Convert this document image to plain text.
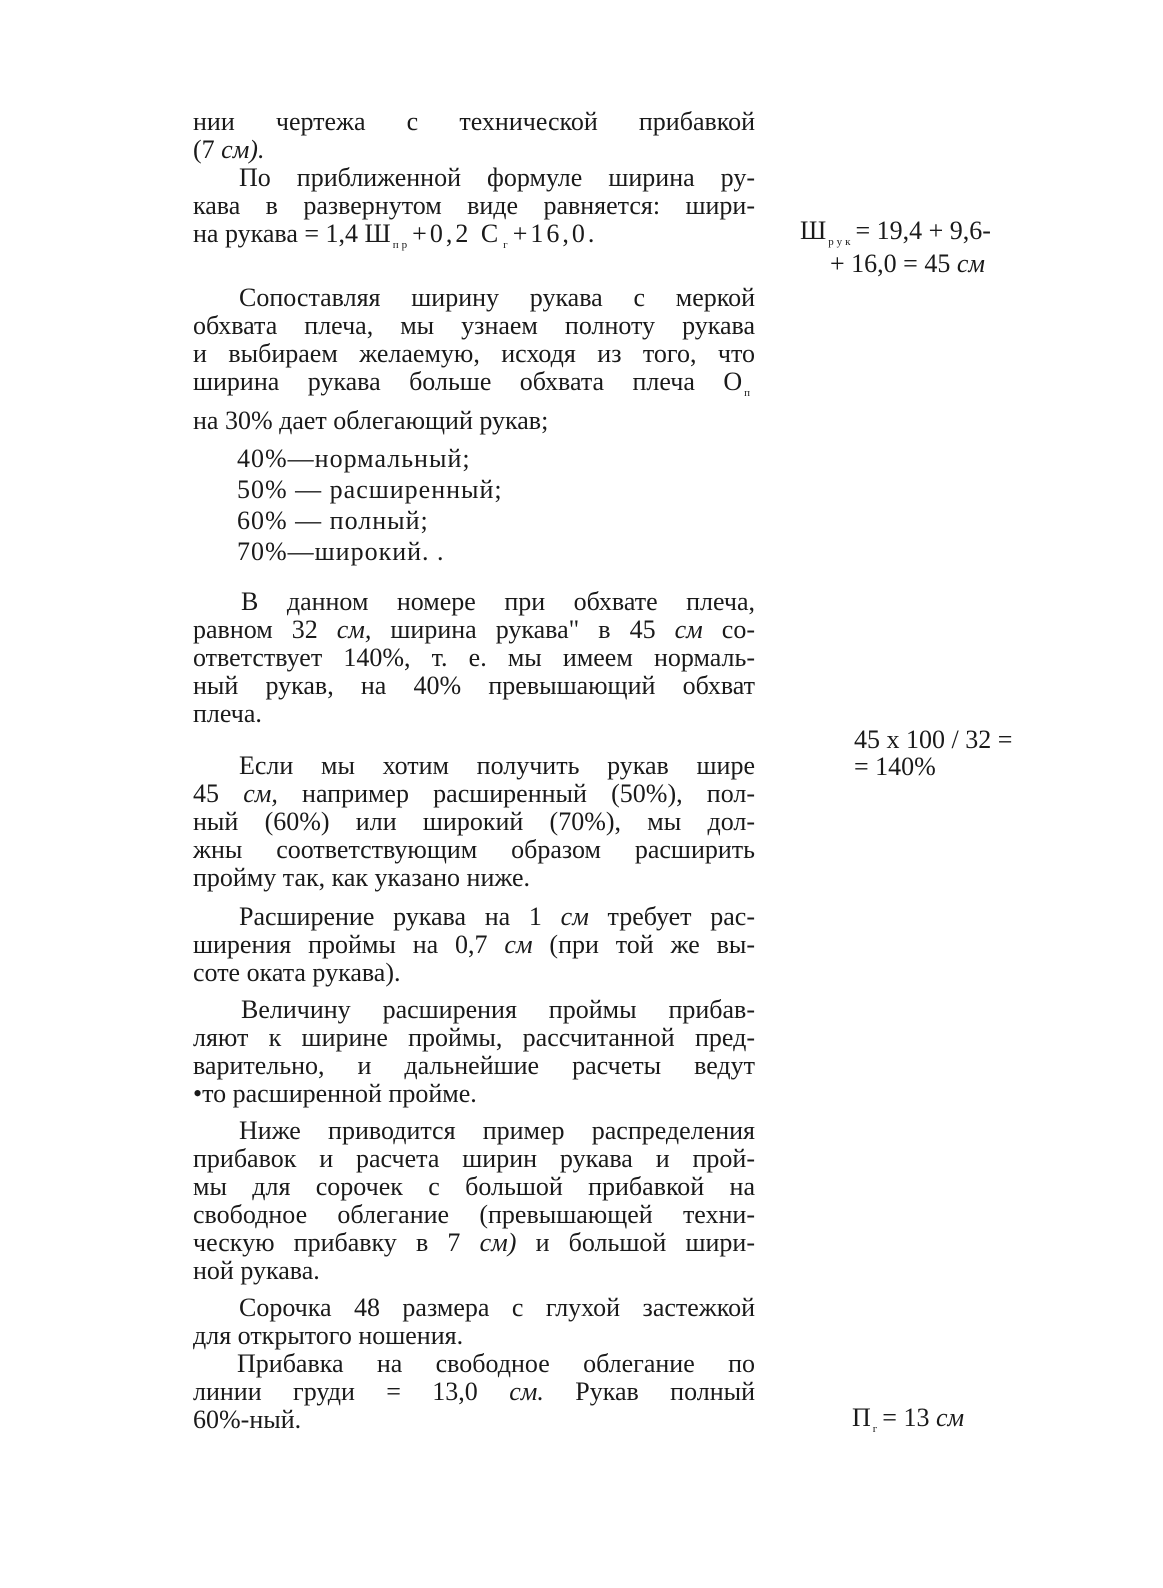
нии чертежа с технической прибавкой
(7 см).
По приближенной формуле ширина ру-
кава в развернутом виде равняется: шири-
на рукава = 1,4 Ш $_{пр}$+0,2 С $_г$+16,0.
Сопоставляя ширину рукава с меркой
обхвата плеча, мы узнаем полноту рукава
и выбираем желаемую, исходя из того, что
ширина рукава больше обхвата плеча О $_п$
на 30% дает облегающий рукав;
40%—нормальный;
50% — расширенный;
60% — полный;
70%—широкий. .
В данном номере при обхвате плеча,
равном 32 см, ширина рукава" в 45 см со-
ответствует 140%, т. е. мы имеем нормаль-
ный рукав, на 40% превышающий обхват
плеча.
Если мы хотим получить рукав шире
45 см, например расширенный (50%), пол-
ный (60%) или широкий (70%), мы дол-
жны соответствующим образом расширить
пройму так, как указано ниже.
Расширение рукава на 1 см требует рас-
ширения проймы на 0,7 см (при той же вы-
соте оката рукава).
Величину расширения проймы прибав-
ляют к ширине проймы, рассчитанной пред-
варительно, и дальнейшие расчеты ведут
•то расширенной пройме.
Ниже приводится пример распределения
прибавок и расчета ширин рукава и прой-
мы для сорочек с большой прибавкой на
свободное облегание (превышающей техни-
ческую прибавку в 7 см) и большой шири-
ной рукава.
Сорочка 48 размера с глухой застежкой
для открытого ношения.
Прибавка на свободное облегание по
линии груди = 13,0 см. Рукав полный
60%-ный.
Ш $_{рук}$= 19,4 + 9,6-
+ 16,0 = 45 см
45 x 100 / 32 =
= 140%
П $_г$= 13 см
